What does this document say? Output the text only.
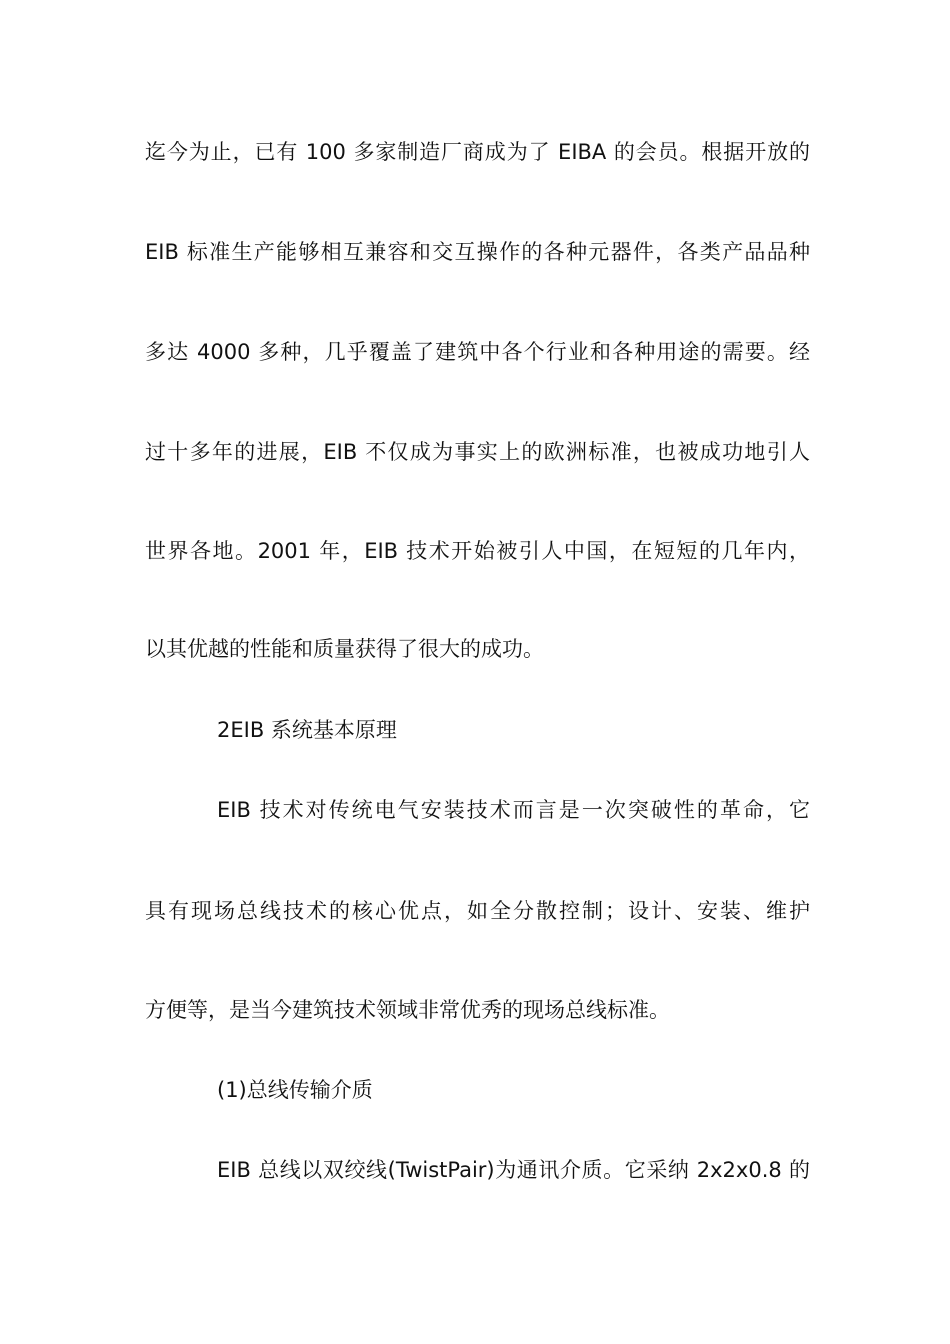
迄今为止，已有 100 多家制造厂商成为了 EIBA 的会员。根据开放的
EIB 标准生产能够相互兼容和交互操作的各种元器件，各类产品品种
多达 4000 多种，几乎覆盖了建筑中各个行业和各种用途的需要。经
过十多年的进展，EIB 不仅成为事实上的欧洲标准，也被成功地引人
世界各地。2001 年，EIB 技术开始被引人中国，在短短的几年内，
以其优越的性能和质量获得了很大的成功。
2EIB 系统基本原理
EIB 技术对传统电气安装技术而言是一次突破性的革命，它
具有现场总线技术的核心优点，如全分散控制；设计、安装、维护
方便等，是当今建筑技术领域非常优秀的现场总线标准。
(1)总线传输介质
EIB 总线以双绞线(TwistPair)为通讯介质。它采纳 2x2x0.8 的
